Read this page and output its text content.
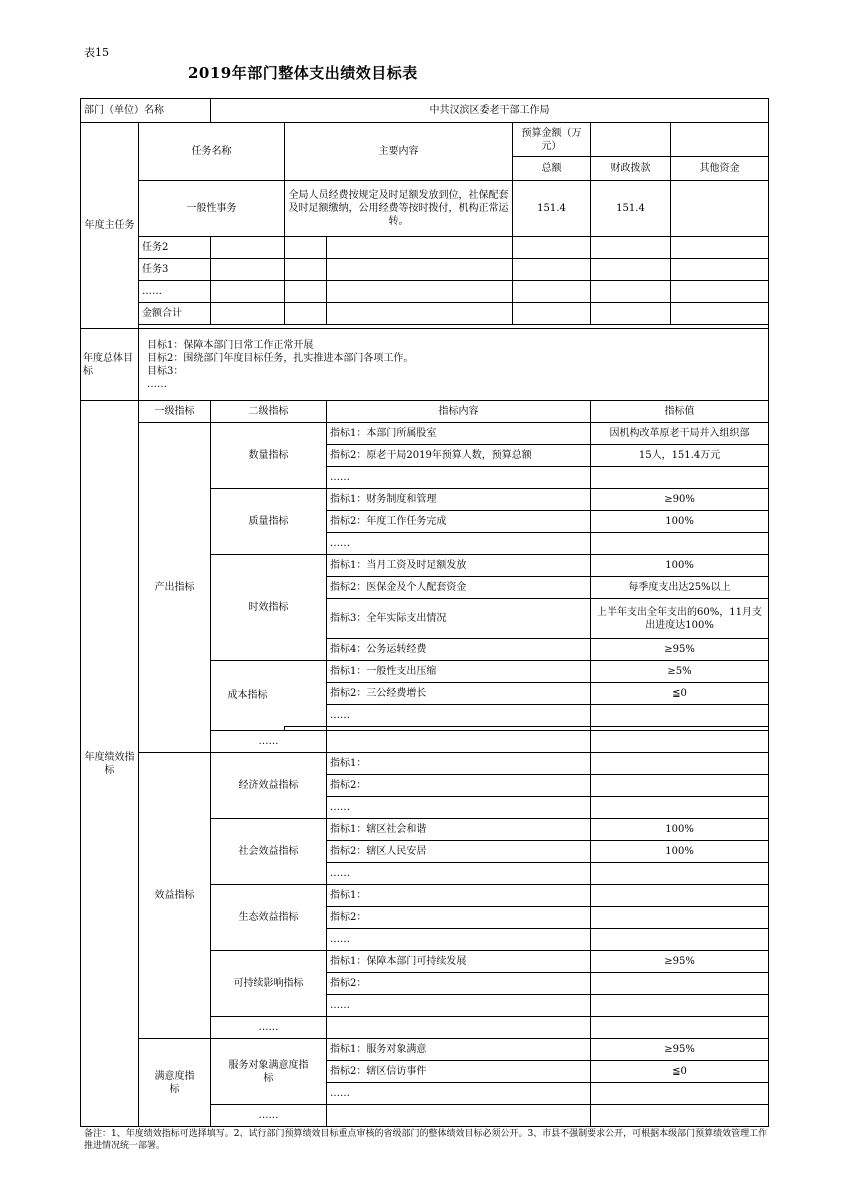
表15
2019年部门整体支出绩效目标表
部门（单位）名称		中共汉滨区委老干部工作局					
年度主任务	任务名称		主要内容		预算金额（万元）		
					总额	财政拨款	其他资金
	一般性事务		全局人员经费按规定及时足额发放到位，社保配套及时足额缴纳，公用经费等按时拨付，机构正常运转。		151.4	151.4	
	任务2						
	任务3						
	……						
	金额合计						

年度总体目标	目标1：保障本部门日常工作正常开展
目标2：围绕部门年度目标任务，扎实推进本部门各项工作。
目标3：
……						

年度绩效指标	一级指标	二级指标		指标内容		指标值	
	产出指标	数量指标		指标1：本部门所属股室		因机构改革原老干局并入组织部	
				指标2：原老干局2019年预算人数，预算总额		15人，151.4万元	
				……			
		质量指标		指标1：财务制度和管理		≥90%	
				指标2：年度工作任务完成		100%	
				……			
		时效指标		指标1：当月工资及时足额发放		100%	
				指标2：医保金及个人配套资金		每季度支出达25%以上	
				指标3：全年实际支出情况		上半年支出全年支出的60%，11月支出进度达100%	
				指标4：公务运转经费		≥95%	
		成本指标		指标1：一般性支出压缩		≥5%	
				指标2：三公经费增长		≦0	
				……			

		……					
	效益指标	经济效益指标		指标1：			
				指标2：			
				……			
		社会效益指标		指标1：辖区社会和谐		100%	
				指标2：辖区人民安居		100%	
				……			
		生态效益指标		指标1：			
				指标2：			
				……			
		可持续影响指标		指标1：保障本部门可持续发展		≥95%	
				指标2：			
				……			
		……					
	满意度指标	服务对象满意度指标		指标1：服务对象满意		≥95%	
				指标2：辖区信访事件		≦0	
				……			
		……					
备注：1、年度绩效指标可选择填写。2、试行部门预算绩效目标重点审核的省级部门的整体绩效目标必须公开。3、市县不强制要求公开，可根据本级部门预算绩效管理工作推进情况统一部署。
